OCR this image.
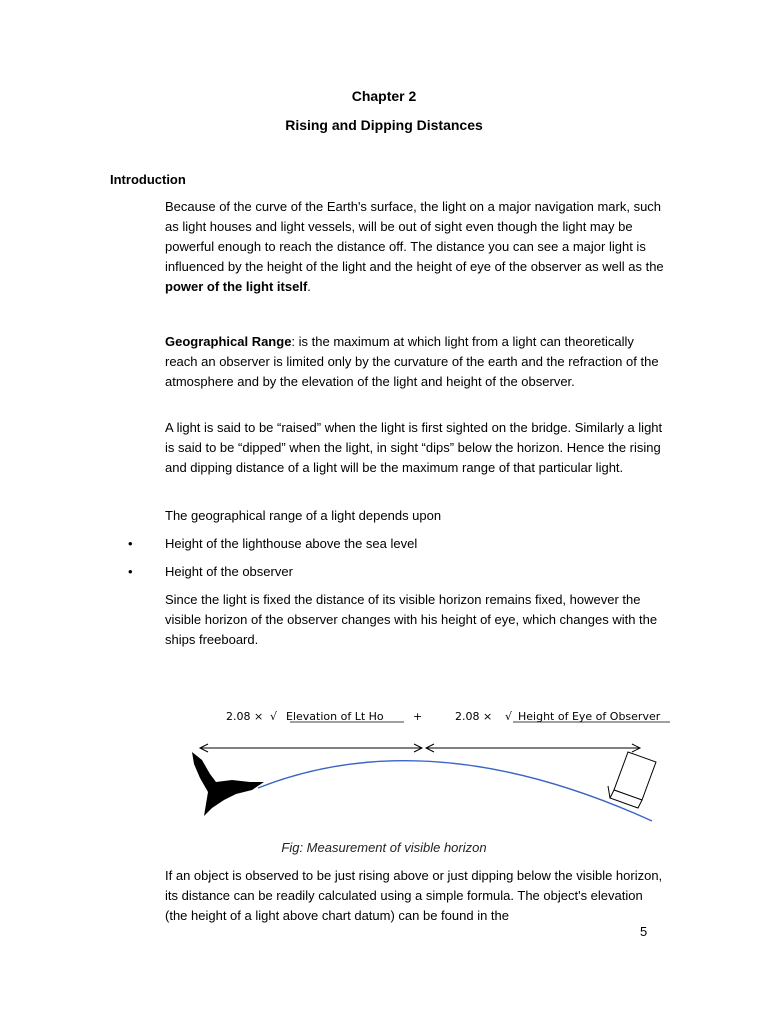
Chapter 2
Rising and Dipping Distances
Introduction

Because of the curve of the Earth's surface, the light on a major navigation mark, such as light houses and light vessels, will be out of sight even though the light may be powerful enough to reach the distance off. The distance you can see a major light is influenced by the height of the light and the height of eye of the observer as well as the power of the light itself.

Geographical Range: is the maximum at which light from a light can theoretically reach an observer is limited only by the curvature of the earth and the refraction of the atmosphere and by the elevation of the light and height of the observer.

A light is said to be “raised” when the light is first sighted on the bridge. Similarly a light is said to be “dipped” when the light, in sight “dips” below the horizon. Hence the rising and dipping distance of a light will be the maximum range of that particular light.

The geographical range of a light depends upon

•	Height of the lighthouse above the sea level
•	Height of the observer

Since the light is fixed the distance of its visible horizon remains fixed, however the visible horizon of the observer changes with his height of eye, which changes with the ships freeboard.

2.08 × √ Elevation of Lt Ho	+	2.08 × √ Height of Eye of Observer
Fig: Measurement of visible horizon

If an object is observed to be just rising above or just dipping below the visible horizon, its distance can be readily calculated using a simple formula. The object's elevation (the height of a light above chart datum) can be found in the

5
